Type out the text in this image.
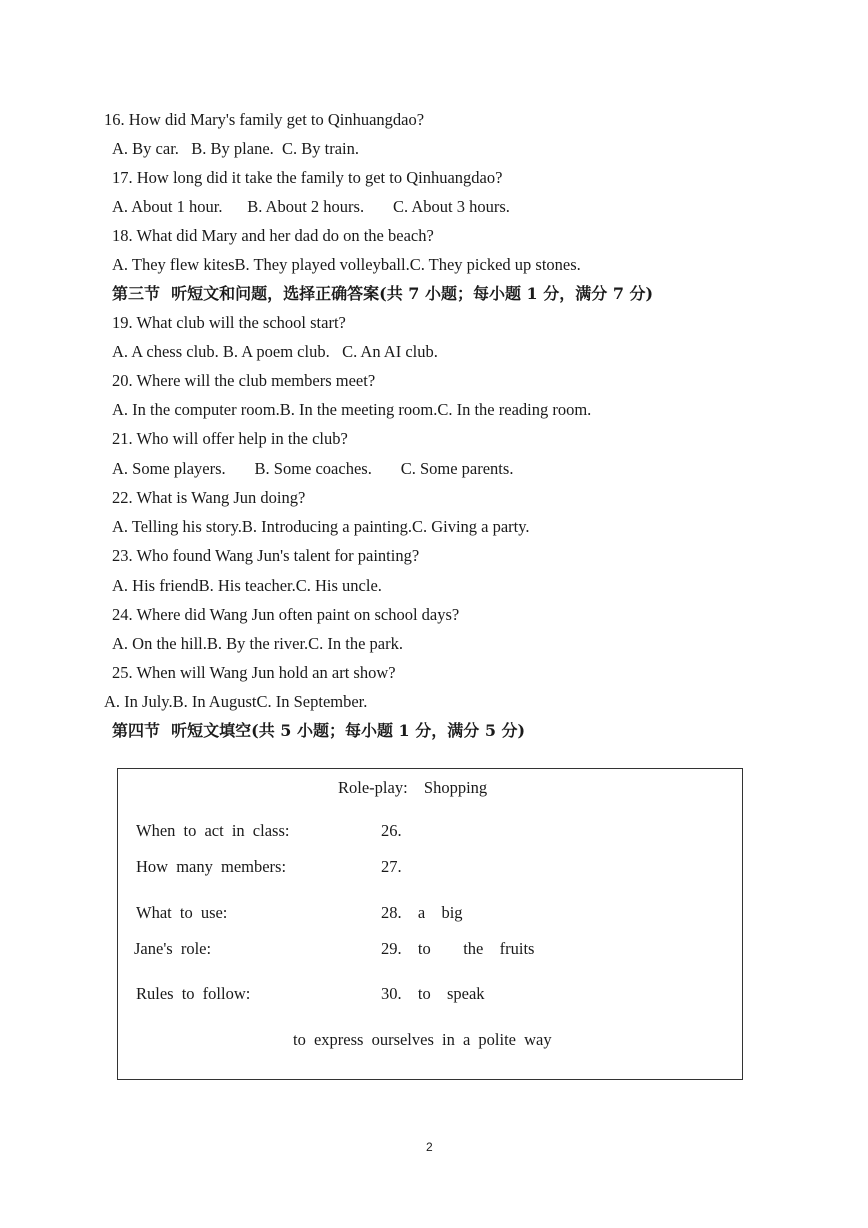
16. How did Mary's family get to Qinhuangdao?
A. By car.   B. By plane.  C. By train.
17. How long did it take the family to get to Qinhuangdao?
A. About 1 hour.      B. About 2 hours.       C. About 3 hours.
18. What did Mary and her dad do on the beach?
A. They flew kitesB. They played volleyball.C. They picked up stones.
第三节  听短文和问题，选择正确答案(共 7 小题；每小题 1 分，满分 7 分)
19. What club will the school start?
A. A chess club. B. A poem club.   C. An AI club.
20. Where will the club members meet?
A. In the computer room.B. In the meeting room.C. In the reading room.
21. Who will offer help in the club?
A. Some players.       B. Some coaches.       C. Some parents.
22. What is Wang Jun doing?
A. Telling his story.B. Introducing a painting.C. Giving a party.
23. Who found Wang Jun's talent for painting?
A. His friendB. His teacher.C. His uncle.
24. Where did Wang Jun often paint on school days?
A. On the hill.B. By the river.C. In the park.
25. When will Wang Jun hold an art show?
A. In July.B. In AugustC. In September.
第四节  听短文填空(共 5 小题；每小题 1 分，满分 5 分)
Role-play:  Shopping
When to act in class:	26.
How many members:	27.
What to use:	28.  a  big
Jane's role:	29.  to    the  fruits
Rules to follow:	30.  to  speak
to express ourselves in a polite way
2
